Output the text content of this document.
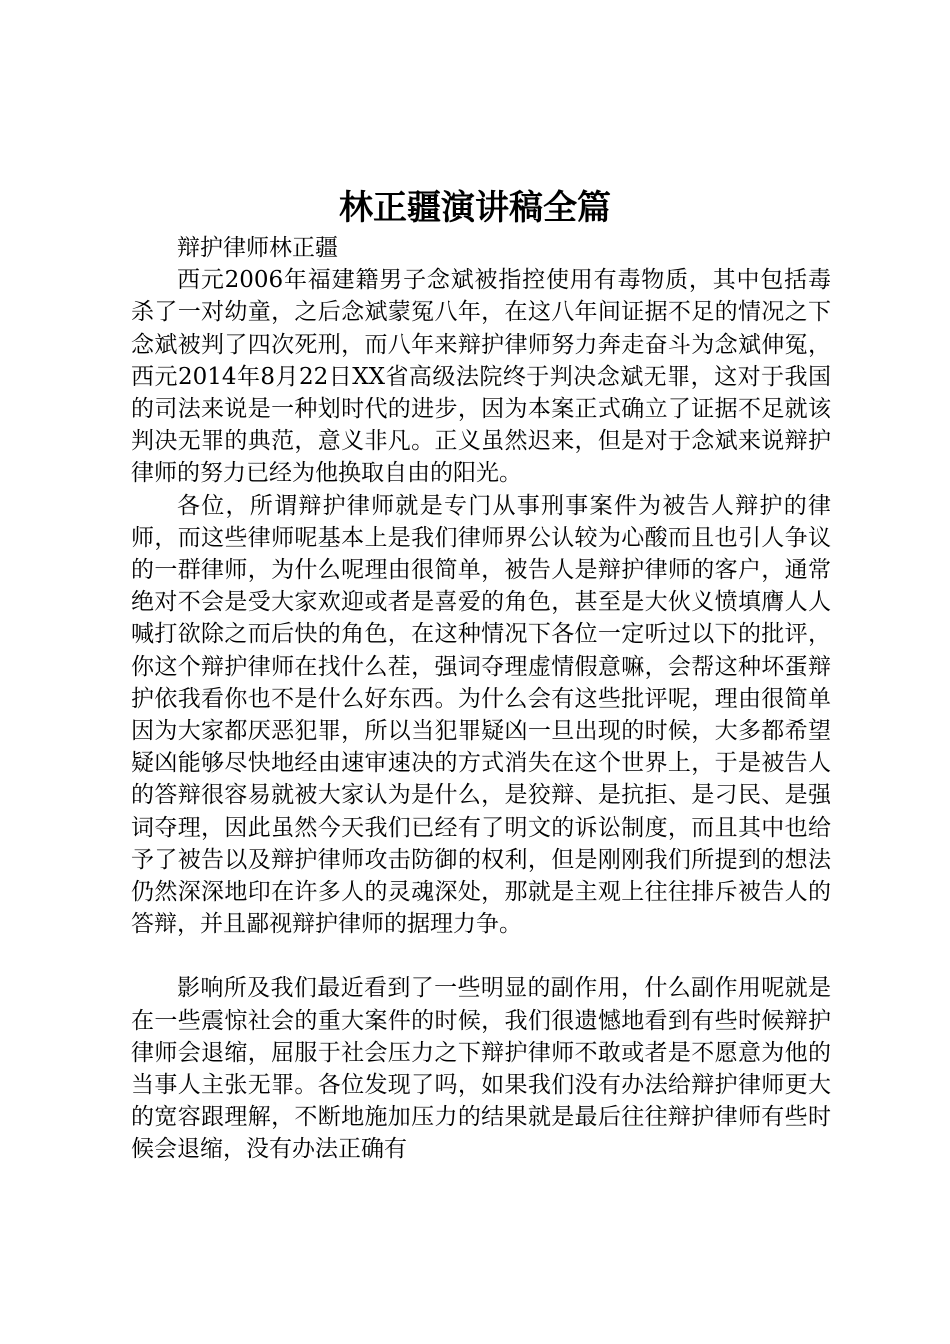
林正疆演讲稿全篇

辩护律师林正疆

西元2006年福建籍男子念斌被指控使用有毒物质，其中包括毒杀了一对幼童，之后念斌蒙冤八年，在这八年间证据不足的情况之下念斌被判了四次死刑，而八年来辩护律师努力奔走奋斗为念斌伸冤，西元2014年8月22日XX省高级法院终于判决念斌无罪，这对于我国的司法来说是一种划时代的进步，因为本案正式确立了证据不足就该判决无罪的典范，意义非凡。正义虽然迟来，但是对于念斌来说辩护律师的努力已经为他换取自由的阳光。

各位，所谓辩护律师就是专门从事刑事案件为被告人辩护的律师，而这些律师呢基本上是我们律师界公认较为心酸而且也引人争议的一群律师，为什么呢理由很简单，被告人是辩护律师的客户，通常绝对不会是受大家欢迎或者是喜爱的角色，甚至是大伙义愤填膺人人喊打欲除之而后快的角色，在这种情况下各位一定听过以下的批评，你这个辩护律师在找什么茬，强词夺理虚情假意嘛，会帮这种坏蛋辩护依我看你也不是什么好东西。为什么会有这些批评呢，理由很简单因为大家都厌恶犯罪，所以当犯罪疑凶一旦出现的时候，大多都希望疑凶能够尽快地经由速审速决的方式消失在这个世界上，于是被告人的答辩很容易就被大家认为是什么，是狡辩、是抗拒、是刁民、是强词夺理，因此虽然今天我们已经有了明文的诉讼制度，而且其中也给予了被告以及辩护律师攻击防御的权利，但是刚刚我们所提到的想法仍然深深地印在许多人的灵魂深处，那就是主观上往往排斥被告人的答辩，并且鄙视辩护律师的据理力争。

影响所及我们最近看到了一些明显的副作用，什么副作用呢就是在一些震惊社会的重大案件的时候，我们很遗憾地看到有些时候辩护律师会退缩，屈服于社会压力之下辩护律师不敢或者是不愿意为他的当事人主张无罪。各位发现了吗，如果我们没有办法给辩护律师更大的宽容跟理解，不断地施加压力的结果就是最后往往辩护律师有些时候会退缩，没有办法正确有
